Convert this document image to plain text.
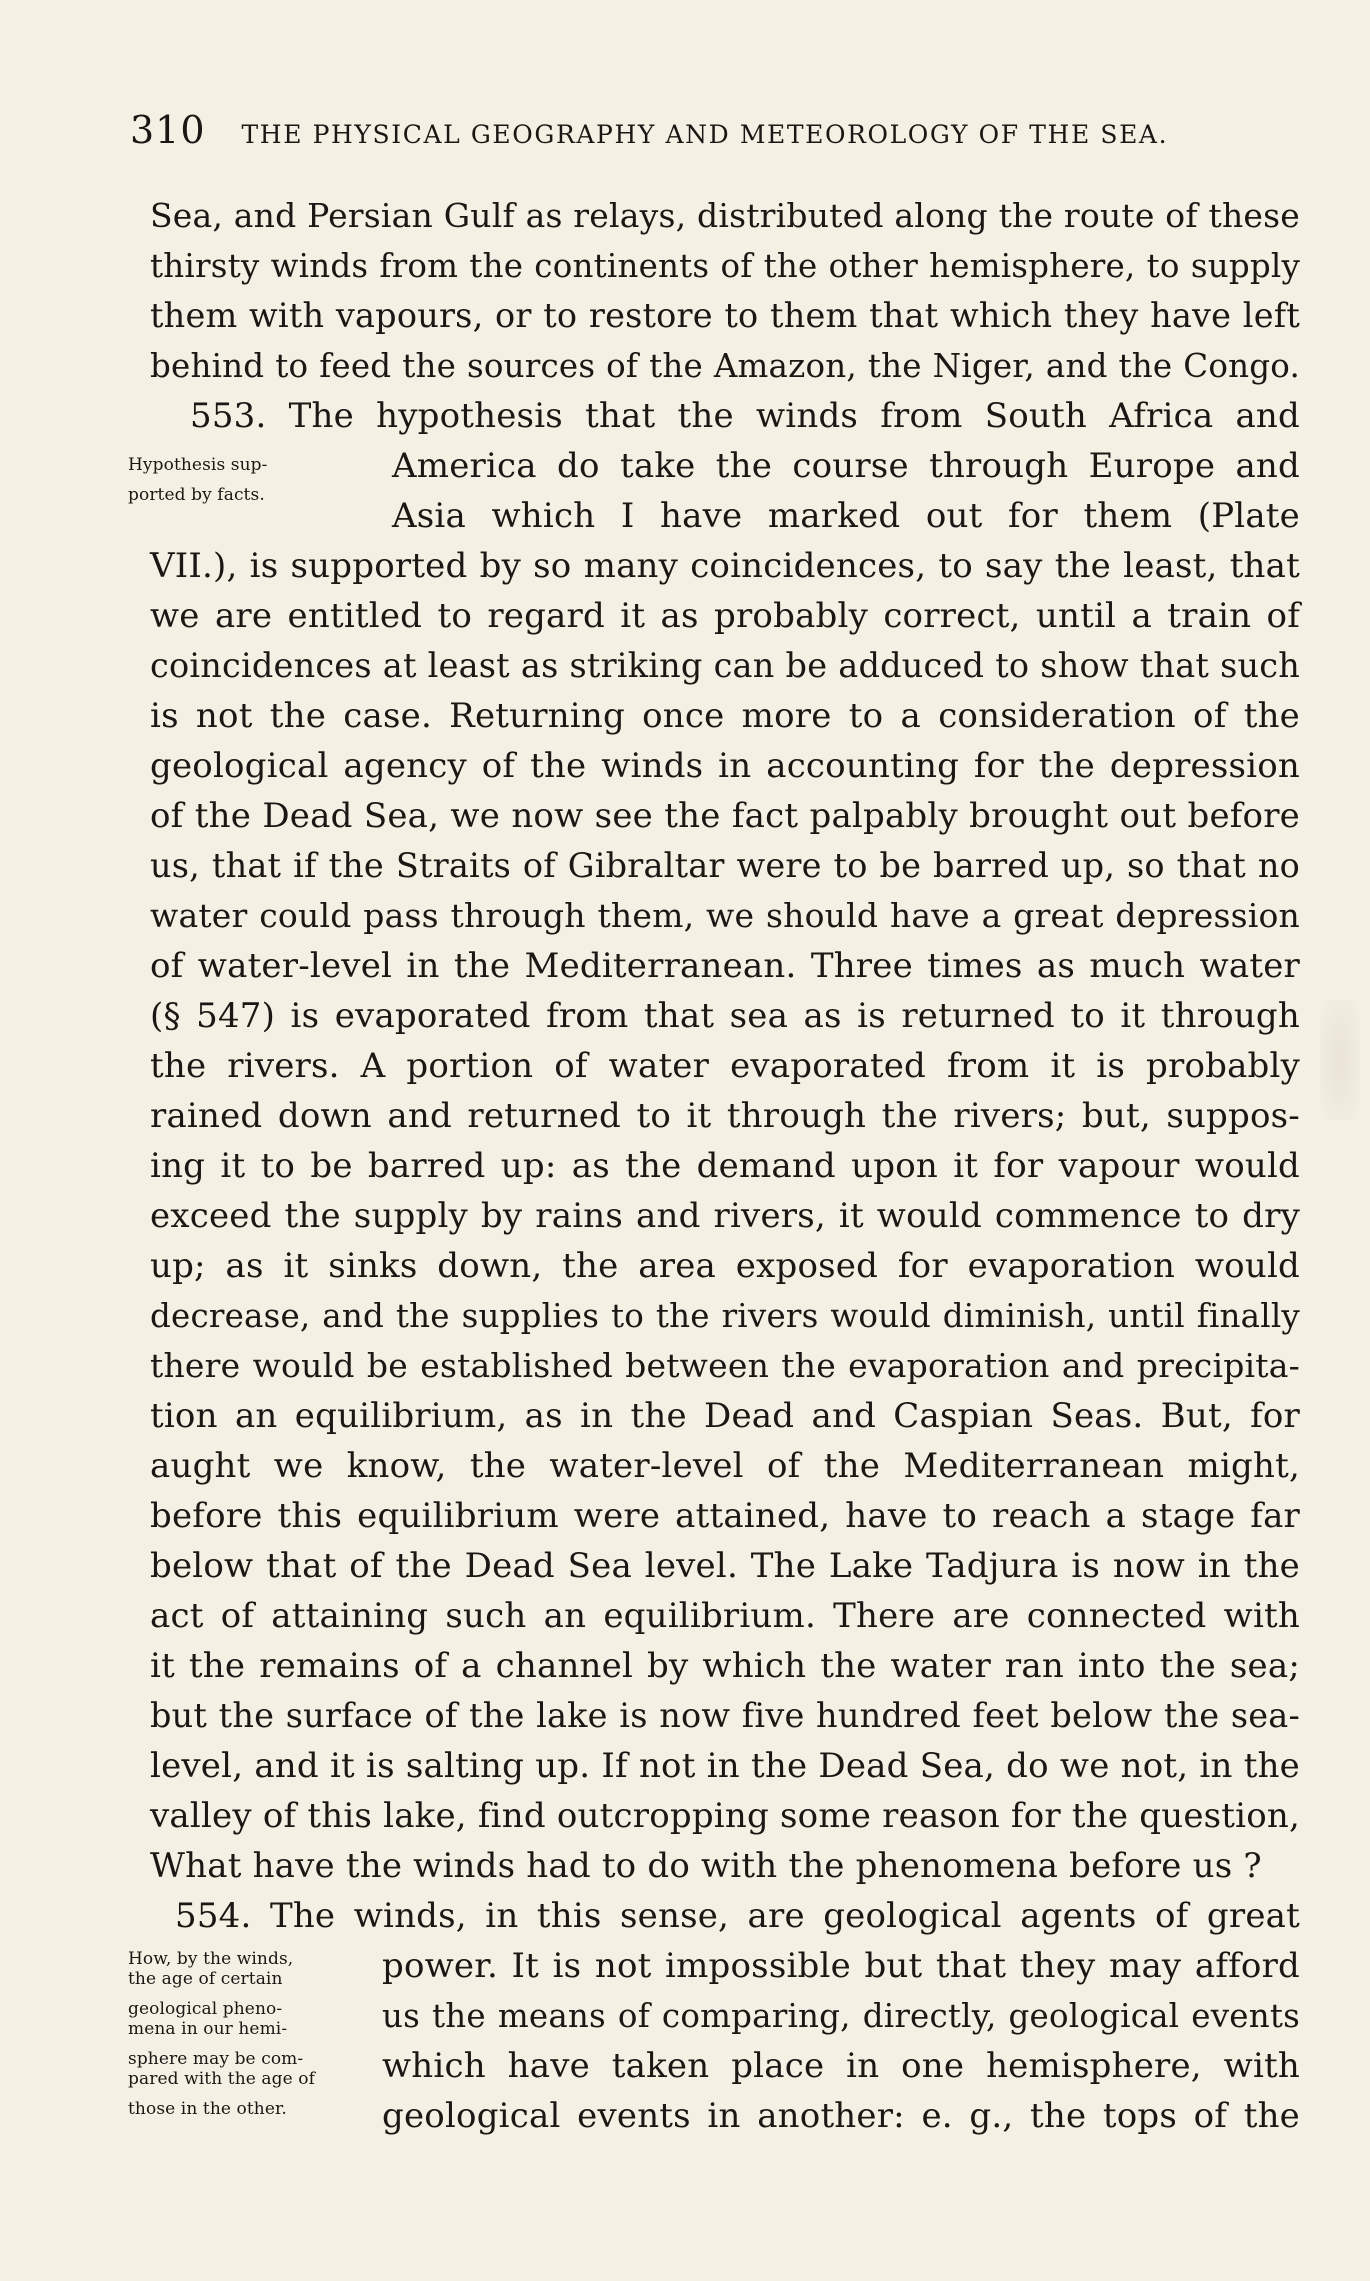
310 THE PHYSICAL GEOGRAPHY AND METEOROLOGY OF THE SEA.
Sea, and Persian Gulf as relays, distributed along the route of these
thirsty winds from the continents of the other hemisphere, to supply
them with vapours, or to restore to them that which they have left
behind to feed the sources of the Amazon, the Niger, and the Congo.
553. The hypothesis that the winds from South Africa and
America do take the course through Europe and
Asia which I have marked out for them (Plate
VII.), is supported by so many coincidences, to say the least, that
we are entitled to regard it as probably correct, until a train of
coincidences at least as striking can be adduced to show that such
is not the case. Returning once more to a consideration of the
geological agency of the winds in accounting for the depression
of the Dead Sea, we now see the fact palpably brought out before
us, that if the Straits of Gibraltar were to be barred up, so that no
water could pass through them, we should have a great depression
of water-level in the Mediterranean. Three times as much water
(§ 547) is evaporated from that sea as is returned to it through
the rivers. A portion of water evaporated from it is probably
rained down and returned to it through the rivers; but, suppos-
ing it to be barred up: as the demand upon it for vapour would
exceed the supply by rains and rivers, it would commence to dry
up; as it sinks down, the area exposed for evaporation would
decrease, and the supplies to the rivers would diminish, until finally
there would be established between the evaporation and precipita-
tion an equilibrium, as in the Dead and Caspian Seas. But, for
aught we know, the water-level of the Mediterranean might,
before this equilibrium were attained, have to reach a stage far
below that of the Dead Sea level. The Lake Tadjura is now in the
act of attaining such an equilibrium. There are connected with
it the remains of a channel by which the water ran into the sea;
but the surface of the lake is now five hundred feet below the sea-
level, and it is salting up. If not in the Dead Sea, do we not, in the
valley of this lake, find outcropping some reason for the question,
What have the winds had to do with the phenomena before us ?
554. The winds, in this sense, are geological agents of great
power. It is not impossible but that they may afford
us the means of comparing, directly, geological events
which have taken place in one hemisphere, with
geological events in another: e. g., the tops of the
Hypothesis sup-
ported by facts.
How, by the winds,
the age of certain
geological pheno-
mena in our hemi-
sphere may be com-
pared with the age of
those in the other.
